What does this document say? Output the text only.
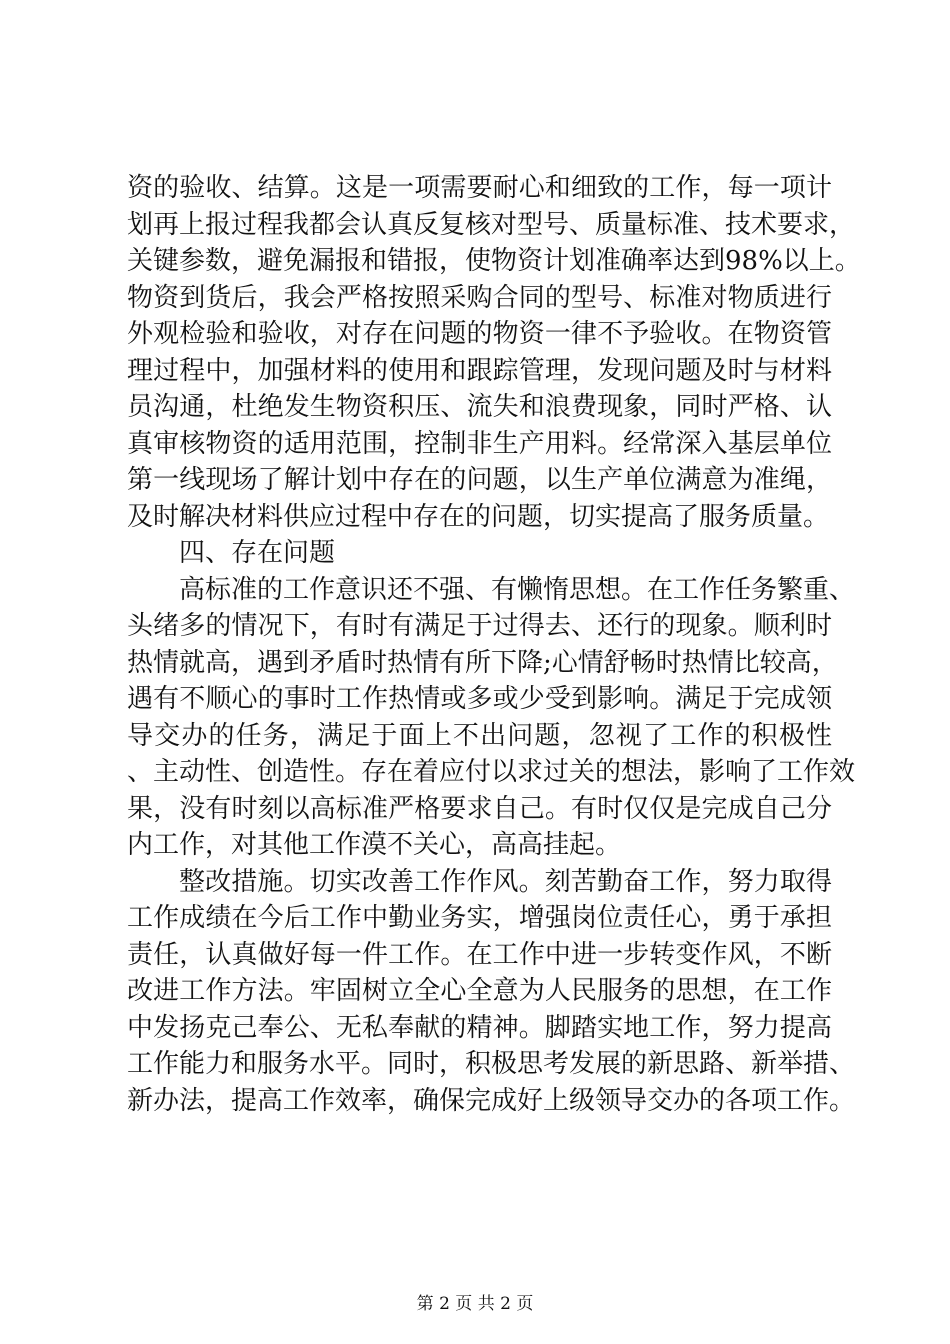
资的验收、结算。这是一项需要耐心和细致的工作，每一项计
划再上报过程我都会认真反复核对型号、质量标准、技术要求，
关键参数，避免漏报和错报，使物资计划准确率达到98%以上。
物资到货后，我会严格按照采购合同的型号、标准对物质进行
外观检验和验收，对存在问题的物资一律不予验收。在物资管
理过程中，加强材料的使用和跟踪管理，发现问题及时与材料
员沟通，杜绝发生物资积压、流失和浪费现象，同时严格、认
真审核物资的适用范围，控制非生产用料。经常深入基层单位
第一线现场了解计划中存在的问题，以生产单位满意为准绳，
及时解决材料供应过程中存在的问题，切实提高了服务质量。
四、存在问题
高标准的工作意识还不强、有懒惰思想。在工作任务繁重、
头绪多的情况下，有时有满足于过得去、还行的现象。顺利时
热情就高，遇到矛盾时热情有所下降;心情舒畅时热情比较高，
遇有不顺心的事时工作热情或多或少受到影响。满足于完成领
导交办的任务，满足于面上不出问题，忽视了工作的积极性
、主动性、创造性。存在着应付以求过关的想法，影响了工作效
果，没有时刻以高标准严格要求自己。有时仅仅是完成自己分
内工作，对其他工作漠不关心，高高挂起。
整改措施。切实改善工作作风。刻苦勤奋工作，努力取得
工作成绩在今后工作中勤业务实，增强岗位责任心，勇于承担
责任，认真做好每一件工作。在工作中进一步转变作风，不断
改进工作方法。牢固树立全心全意为人民服务的思想，在工作
中发扬克己奉公、无私奉献的精神。脚踏实地工作，努力提高
工作能力和服务水平。同时，积极思考发展的新思路、新举措、
新办法，提高工作效率，确保完成好上级领导交办的各项工作。
第 2 页 共 2 页
